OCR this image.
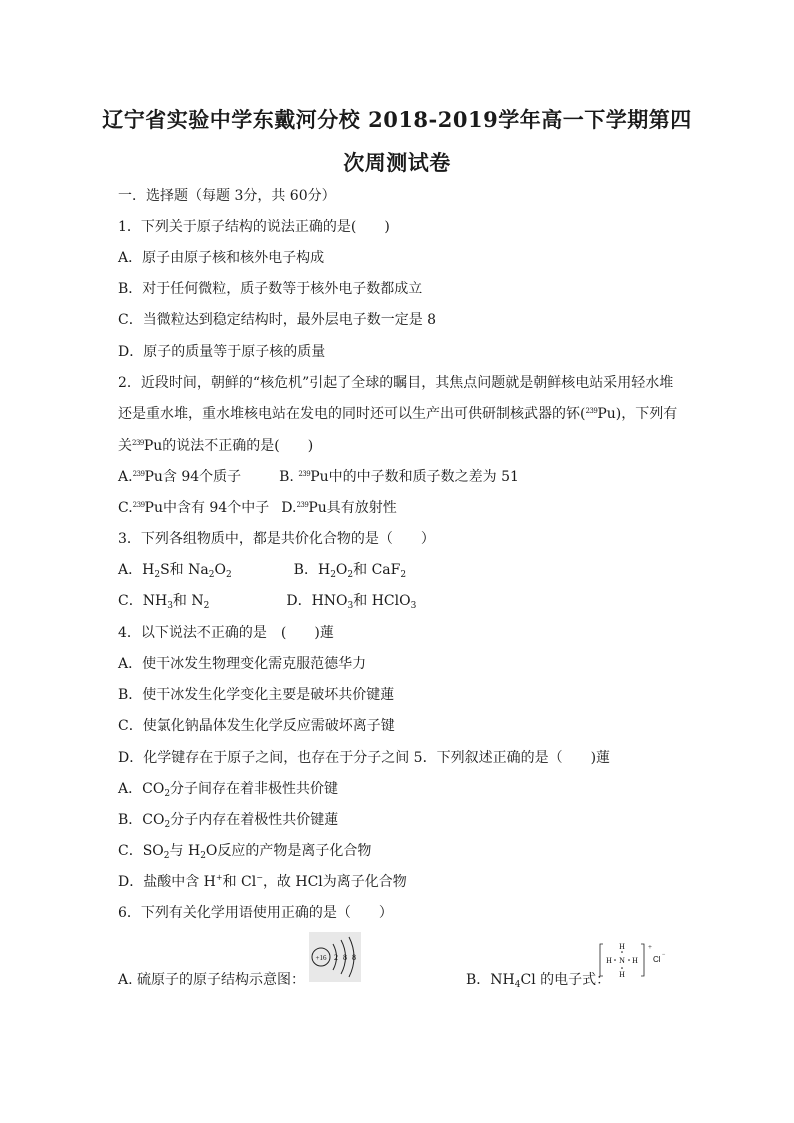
辽宁省实验中学东戴河分校 2018-2019学年高一下学期第四
次周测试卷
一．选择题（每题 3分，共 60分）
1．下列关于原子结构的说法正确的是(　　)
A．原子由原子核和核外电子构成
B．对于任何微粒，质子数等于核外电子数都成立
C．当微粒达到稳定结构时，最外层电子数一定是 8
D．原子的质量等于原子核的质量
2．近段时间，朝鲜的“核危机”引起了全球的瞩目，其焦点问题就是朝鲜核电站采用轻水堆
还是重水堆，重水堆核电站在发电的同时还可以生产出可供研制核武器的钚($^{239}$Pu)，下列有
关$^{239}$Pu的说法不正确的是(　　)
A.$^{239}$Pu含 94个质子	B. $^{239}$Pu中的中子数和质子数之差为 51
C.$^{239}$Pu中含有 94个中子 D.$^{239}$Pu具有放射性
3．下列各组物质中，都是共价化合物的是（　　）
A．$H_2S$和 $Na_2O_2$	B．$H_2O_2$和 CaF$_2$
C．$NH_3$和 $N_2$	D．$HNO_3$和 HClO$_3$
4．以下说法不正确的是　(　　)蓮
A．使干冰发生物理变化需克服范德华力
B．使干冰发生化学变化主要是破坏共价键蓮
C．使氯化钠晶体发生化学反应需破坏离子键
D．化学键存在于原子之间，也存在于分子之间 5．下列叙述正确的是（　　)蓮
A．$CO_2$分子间存在着非极性共价键
B．$CO_2$分子内存在着极性共价键蓮
C．$SO_2$与 $H_2O$反应的产物是离子化合物
D．盐酸中含 H+和 Cl−，故 HCl为离子化合物
6．下列有关化学用语使用正确的是（　　）
A. 硫原子的原子结构示意图：
+16 2 8 8
B．$NH_4Cl$ 的电子式：
H
N
H
H	H
+
Cl −
